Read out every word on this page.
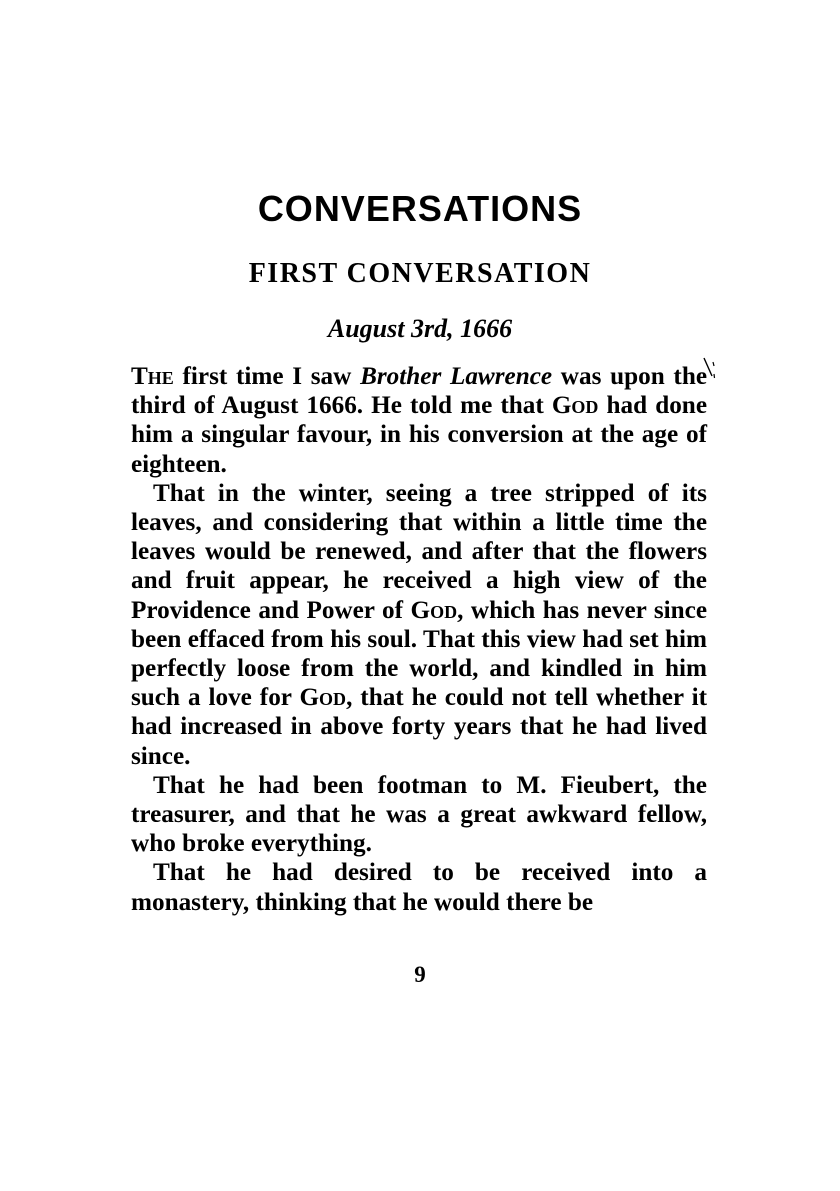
CONVERSATIONS
FIRST CONVERSATION

August 3rd, 1666

The first time I saw Brother Lawrence was upon the third of August 1666. He told me that God had done him a singular favour, in his conversion at the age of eighteen.

That in the winter, seeing a tree stripped of its leaves, and considering that within a little time the leaves would be renewed, and after that the flowers and fruit appear, he received a high view of the Providence and Power of God, which has never since been effaced from his soul. That this view had set him perfectly loose from the world, and kindled in him such a love for God, that he could not tell whether it had increased in above forty years that he had lived since.

That he had been footman to M. Fieubert, the treasurer, and that he was a great awkward fellow, who broke everything.

That he had desired to be received into a monastery, thinking that he would there be

9
